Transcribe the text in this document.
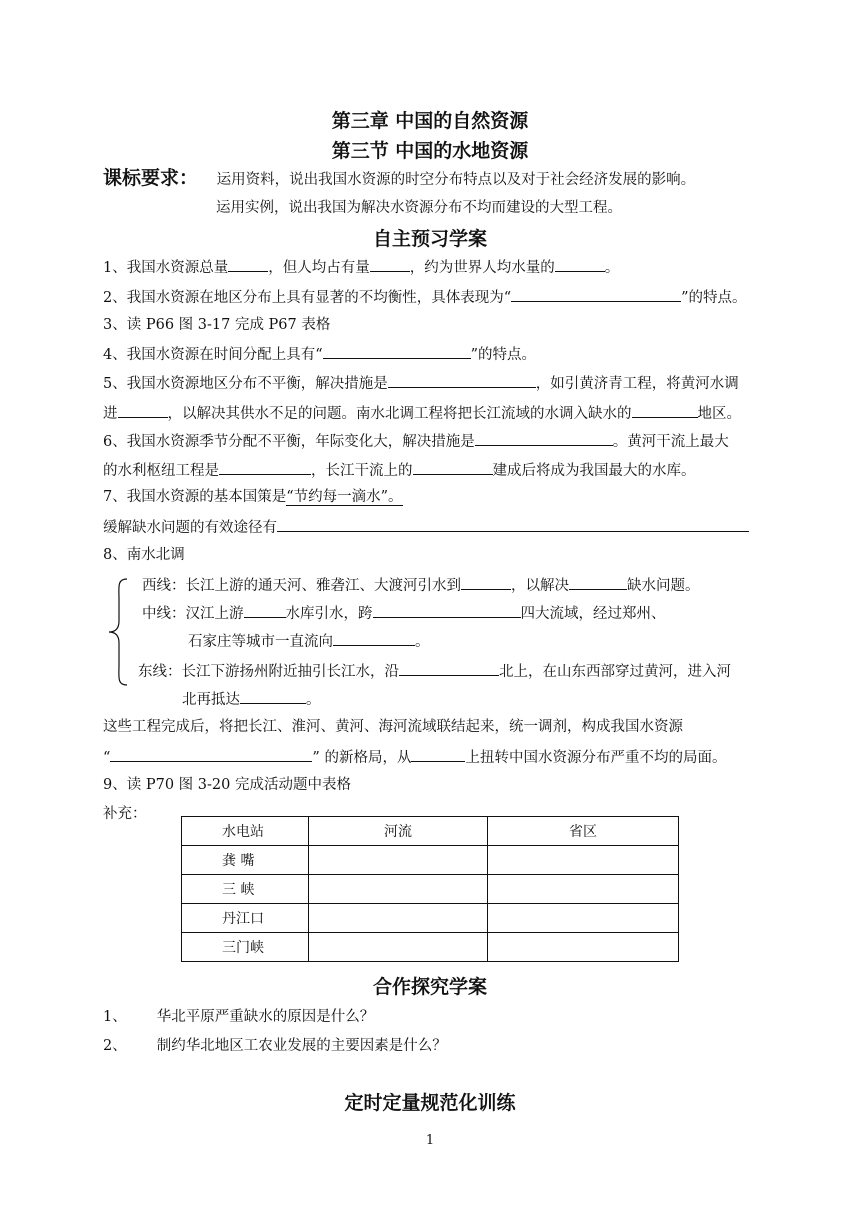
第三章 中国的自然资源
第三节 中国的水地资源
课标要求： 运用资料，说出我国水资源的时空分布特点以及对于社会经济发展的影响。
运用实例，说出我国为解决水资源分布不均而建设的大型工程。
自主预习学案
1、我国水资源总量	，但人均占有量	，约为世界人均水量的	。
2、我国水资源在地区分布上具有显著的不均衡性，具体表现为“	”的特点。
3、读 P66 图 3-17 完成 P67 表格
4、我国水资源在时间分配上具有“	”的特点。
5、我国水资源地区分布不平衡，解决措施是	，如引黄济青工程，将黄河水调
进	，以解决其供水不足的问题。南水北调工程将把长江流域的水调入缺水的	地区。
6、我国水资源季节分配不平衡，年际变化大，解决措施是	。黄河干流上最大
的水利枢纽工程是	，长江干流上的	建成后将成为我国最大的水库。
7、我国水资源的基本国策是“节约每一滴水”。
缓解缺水问题的有效途径有
8、南水北调
西线：长江上游的通天河、雅砻江、大渡河引水到	，以解决	缺水问题。
中线：汉江上游	水库引水，跨	四大流域，经过郑州、
石家庄等城市一直流向	。
东线：长江下游扬州附近抽引长江水，沿	北上，在山东西部穿过黄河，进入河
北再抵达	。
这些工程完成后，将把长江、淮河、黄河、海河流域联结起来，统一调剂，构成我国水资源
“	” 的新格局，从	上扭转中国水资源分布严重不均的局面。
9、读 P70 图 3-20 完成活动题中表格
补充：
水电站	河流	省区
龚 嘴		
三 峡		
丹江口		
三门峡		
合作探究学案
1、 华北平原严重缺水的原因是什么？
2、 制约华北地区工农业发展的主要因素是什么？
定时定量规范化训练
1
